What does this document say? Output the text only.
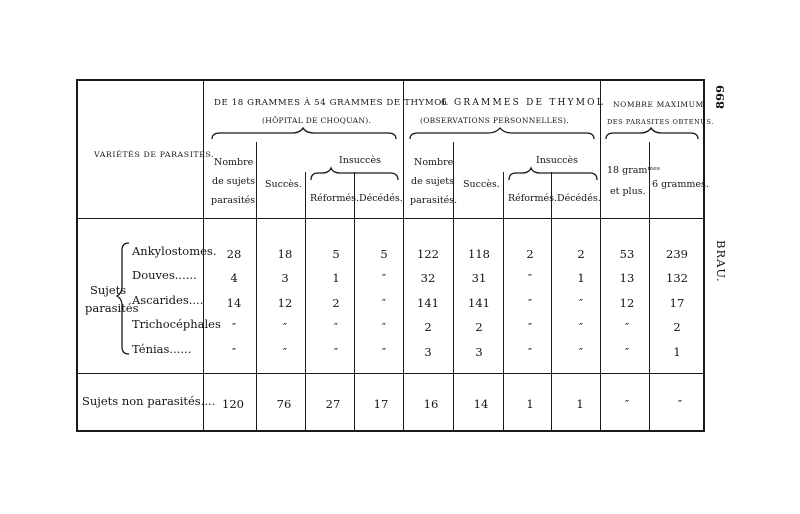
899
BRAU.
VARIÉTÉS DE PARASITES.
DE 18 GRAMMES À 54 GRAMMES DE THYMOL
(HÔPITAL DE CHOQUAN).
6 GRAMMES DE THYMOL
(OBSERVATIONS PERSONNELLES).
NOMBRE MAXIMUM
DES PARASITES OBTENUS.
Nombre
de sujets
parasités.
Succès.
Insuccès
Réformés. Décédés.
Nombre
de sujets
parasités.
Succès.
Insuccès
Réformés. Décédés.
18 gramᵐᵉˢ
et plus.
6 grammes.
Sujets
parasités
Ankylostomes. 28	18	5	5	122	118	2	2	53	239
Douves......	4	3	1	″	32	31	″	1	13	132
Ascarides....	14	12	2	″	141	141	″	″	12	17
Trichocéphales ″	″	″	″	2	2	″	″	″	2
Ténias......	″	″	″	″	3	3	″	″	″	1
Sujets non parasités.... 120	76	27	17	16	14	1	1	″	″
